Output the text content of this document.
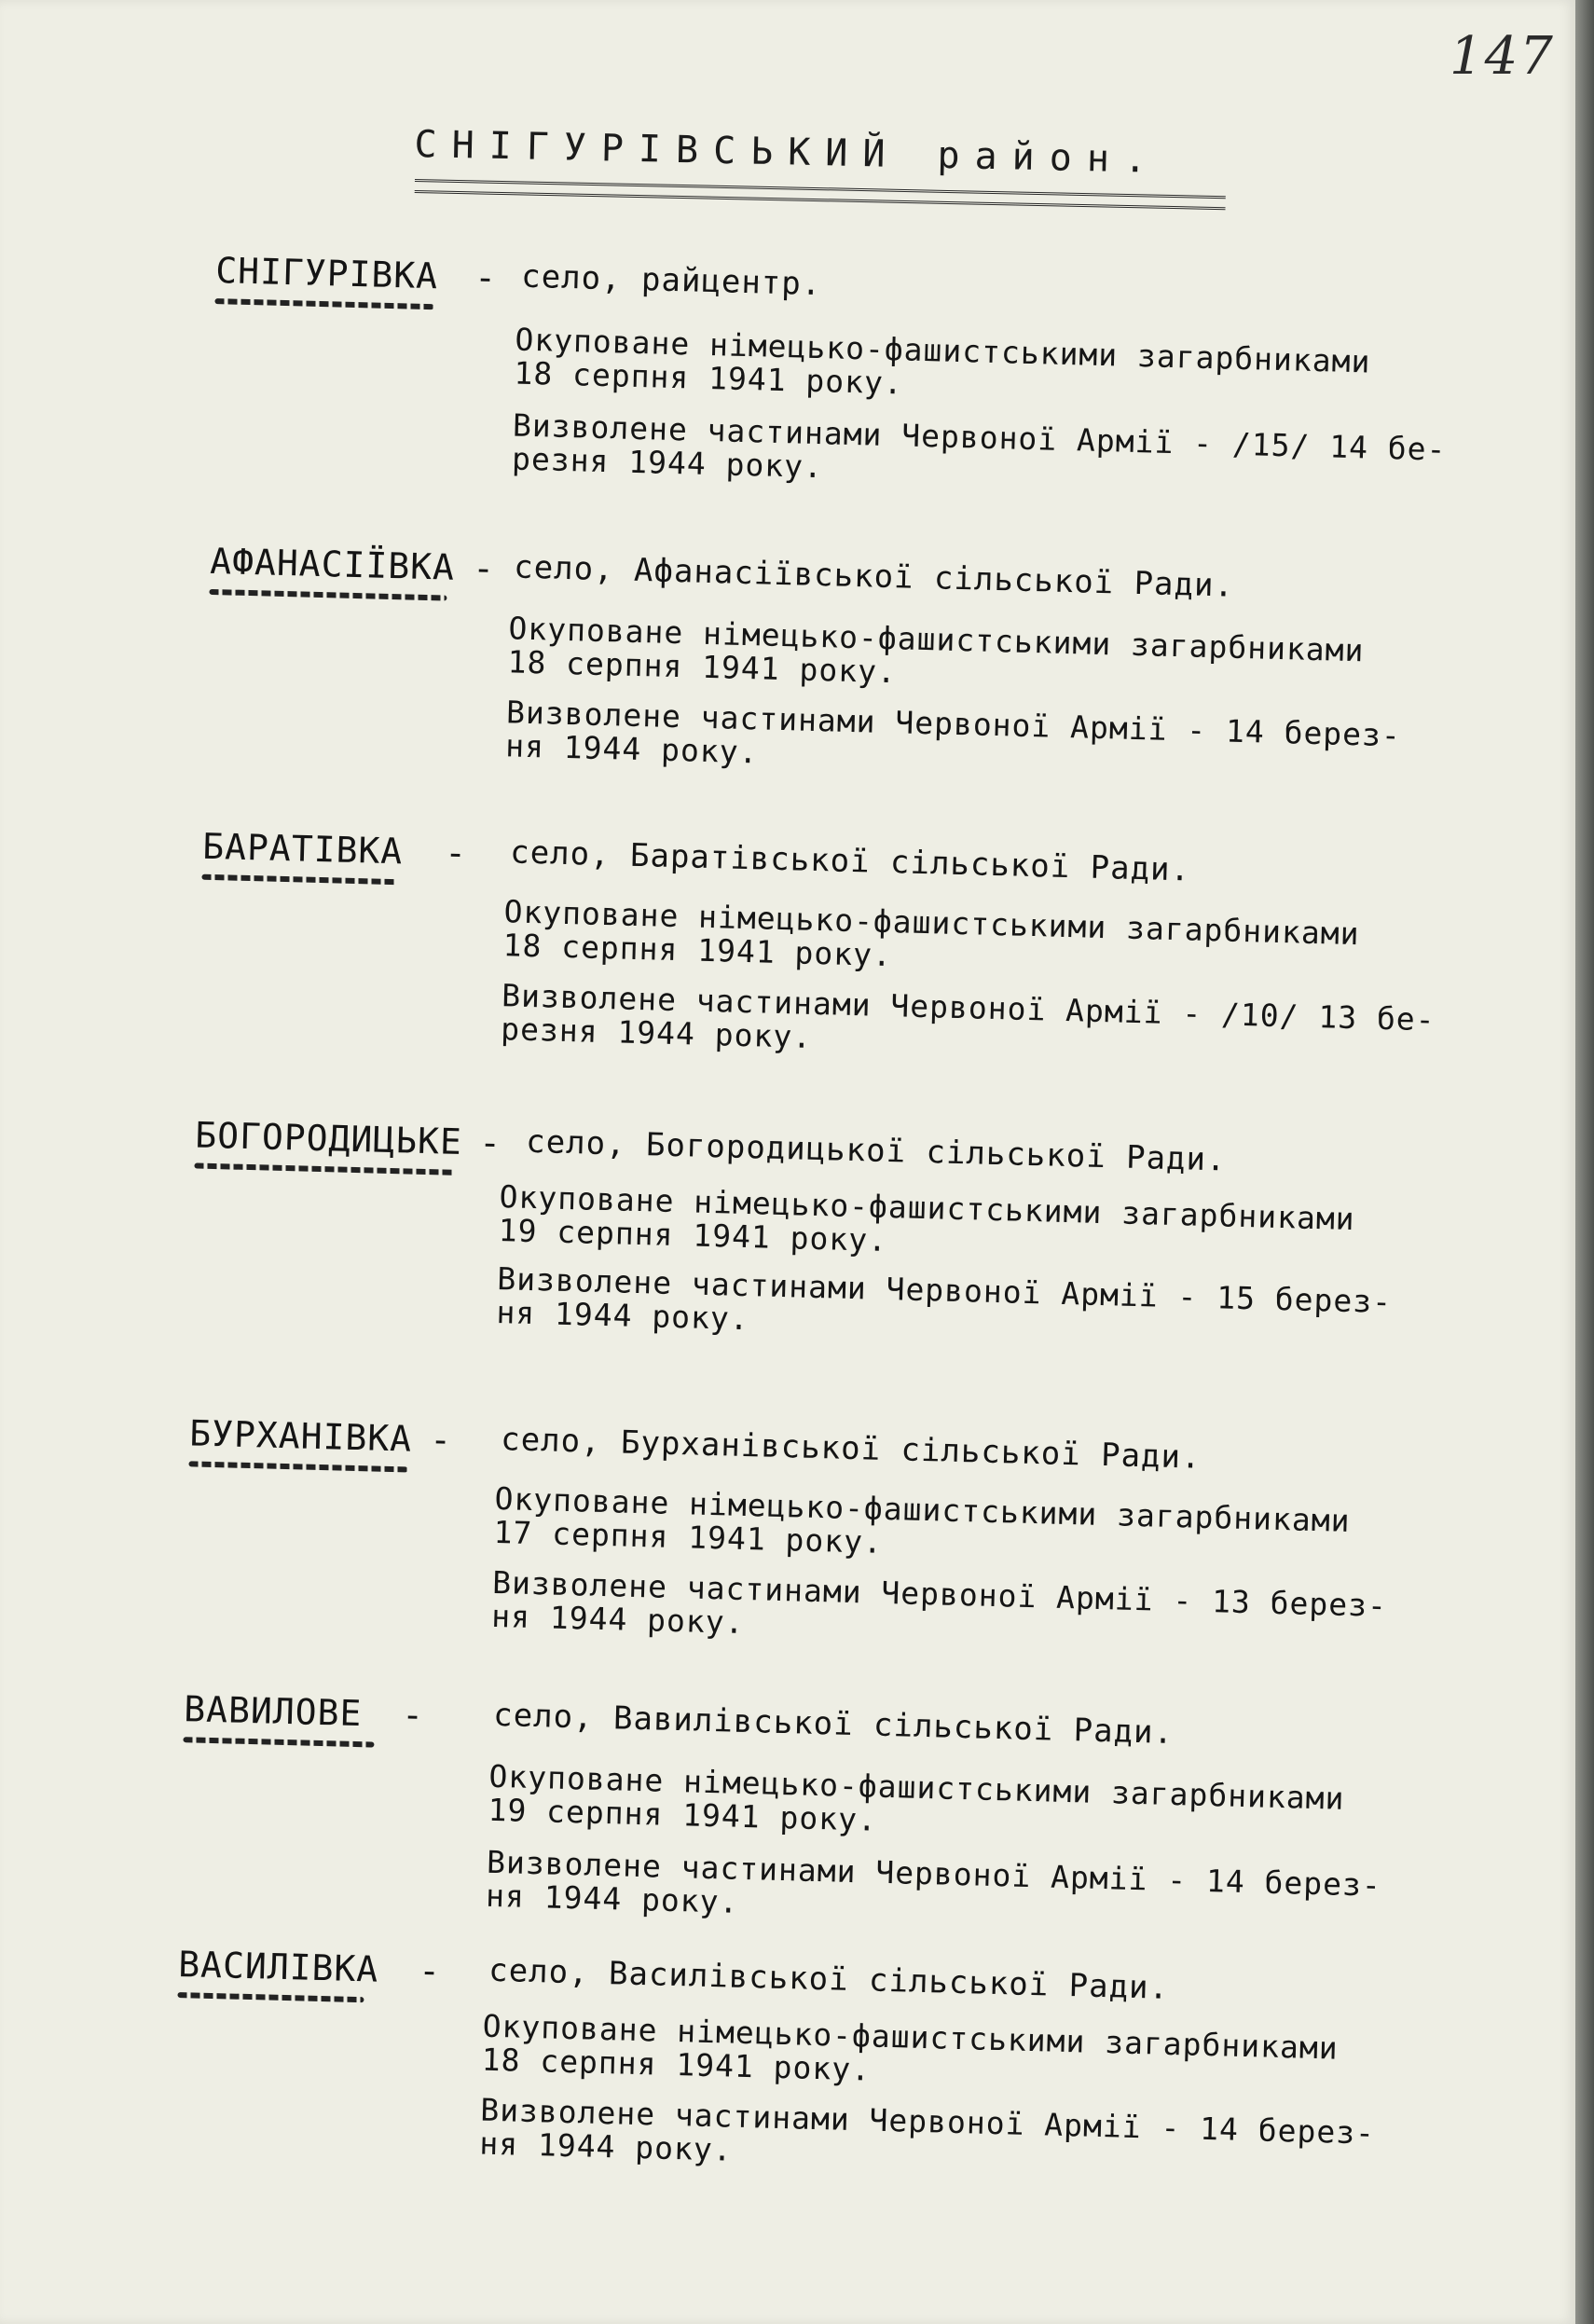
147
СНІГУРІВСЬКИЙ район.
СНІГУРІВКА - село, райцентр.
Окуповане німецько-фашистськими загарбниками
18 серпня 1941 року.
Визволене частинами Червоної Армії - /15/ 14 бе-
резня 1944 року.
АФАНАСІЇВКА - село, Афанасіївської сільської Ради.
Окуповане німецько-фашистськими загарбниками
18 серпня 1941 року.
Визволене частинами Червоної Армії - 14 берез-
ня 1944 року.
БАРАТІВКА - село, Баратівської сільської Ради.
Окуповане німецько-фашистськими загарбниками
18 серпня 1941 року.
Визволене частинами Червоної Армії - /10/ 13 бе-
резня 1944 року.
БОГОРОДИЦЬКЕ - село, Богородицької сільської Ради.
Окуповане німецько-фашистськими загарбниками
19 серпня 1941 року.
Визволене частинами Червоної Армії - 15 берез-
ня 1944 року.
БУРХАНІВКА - село, Бурханівської сільської Ради.
Окуповане німецько-фашистськими загарбниками
17 серпня 1941 року.
Визволене частинами Червоної Армії - 13 берез-
ня 1944 року.
ВАВИЛОВЕ - село, Вавилівської сільської Ради.
Окуповане німецько-фашистськими загарбниками
19 серпня 1941 року.
Визволене частинами Червоної Армії - 14 берез-
ня 1944 року.
ВАСИЛІВКА - село, Василівської сільської Ради.
Окуповане німецько-фашистськими загарбниками
18 серпня 1941 року.
Визволене частинами Червоної Армії - 14 берез-
ня 1944 року.
